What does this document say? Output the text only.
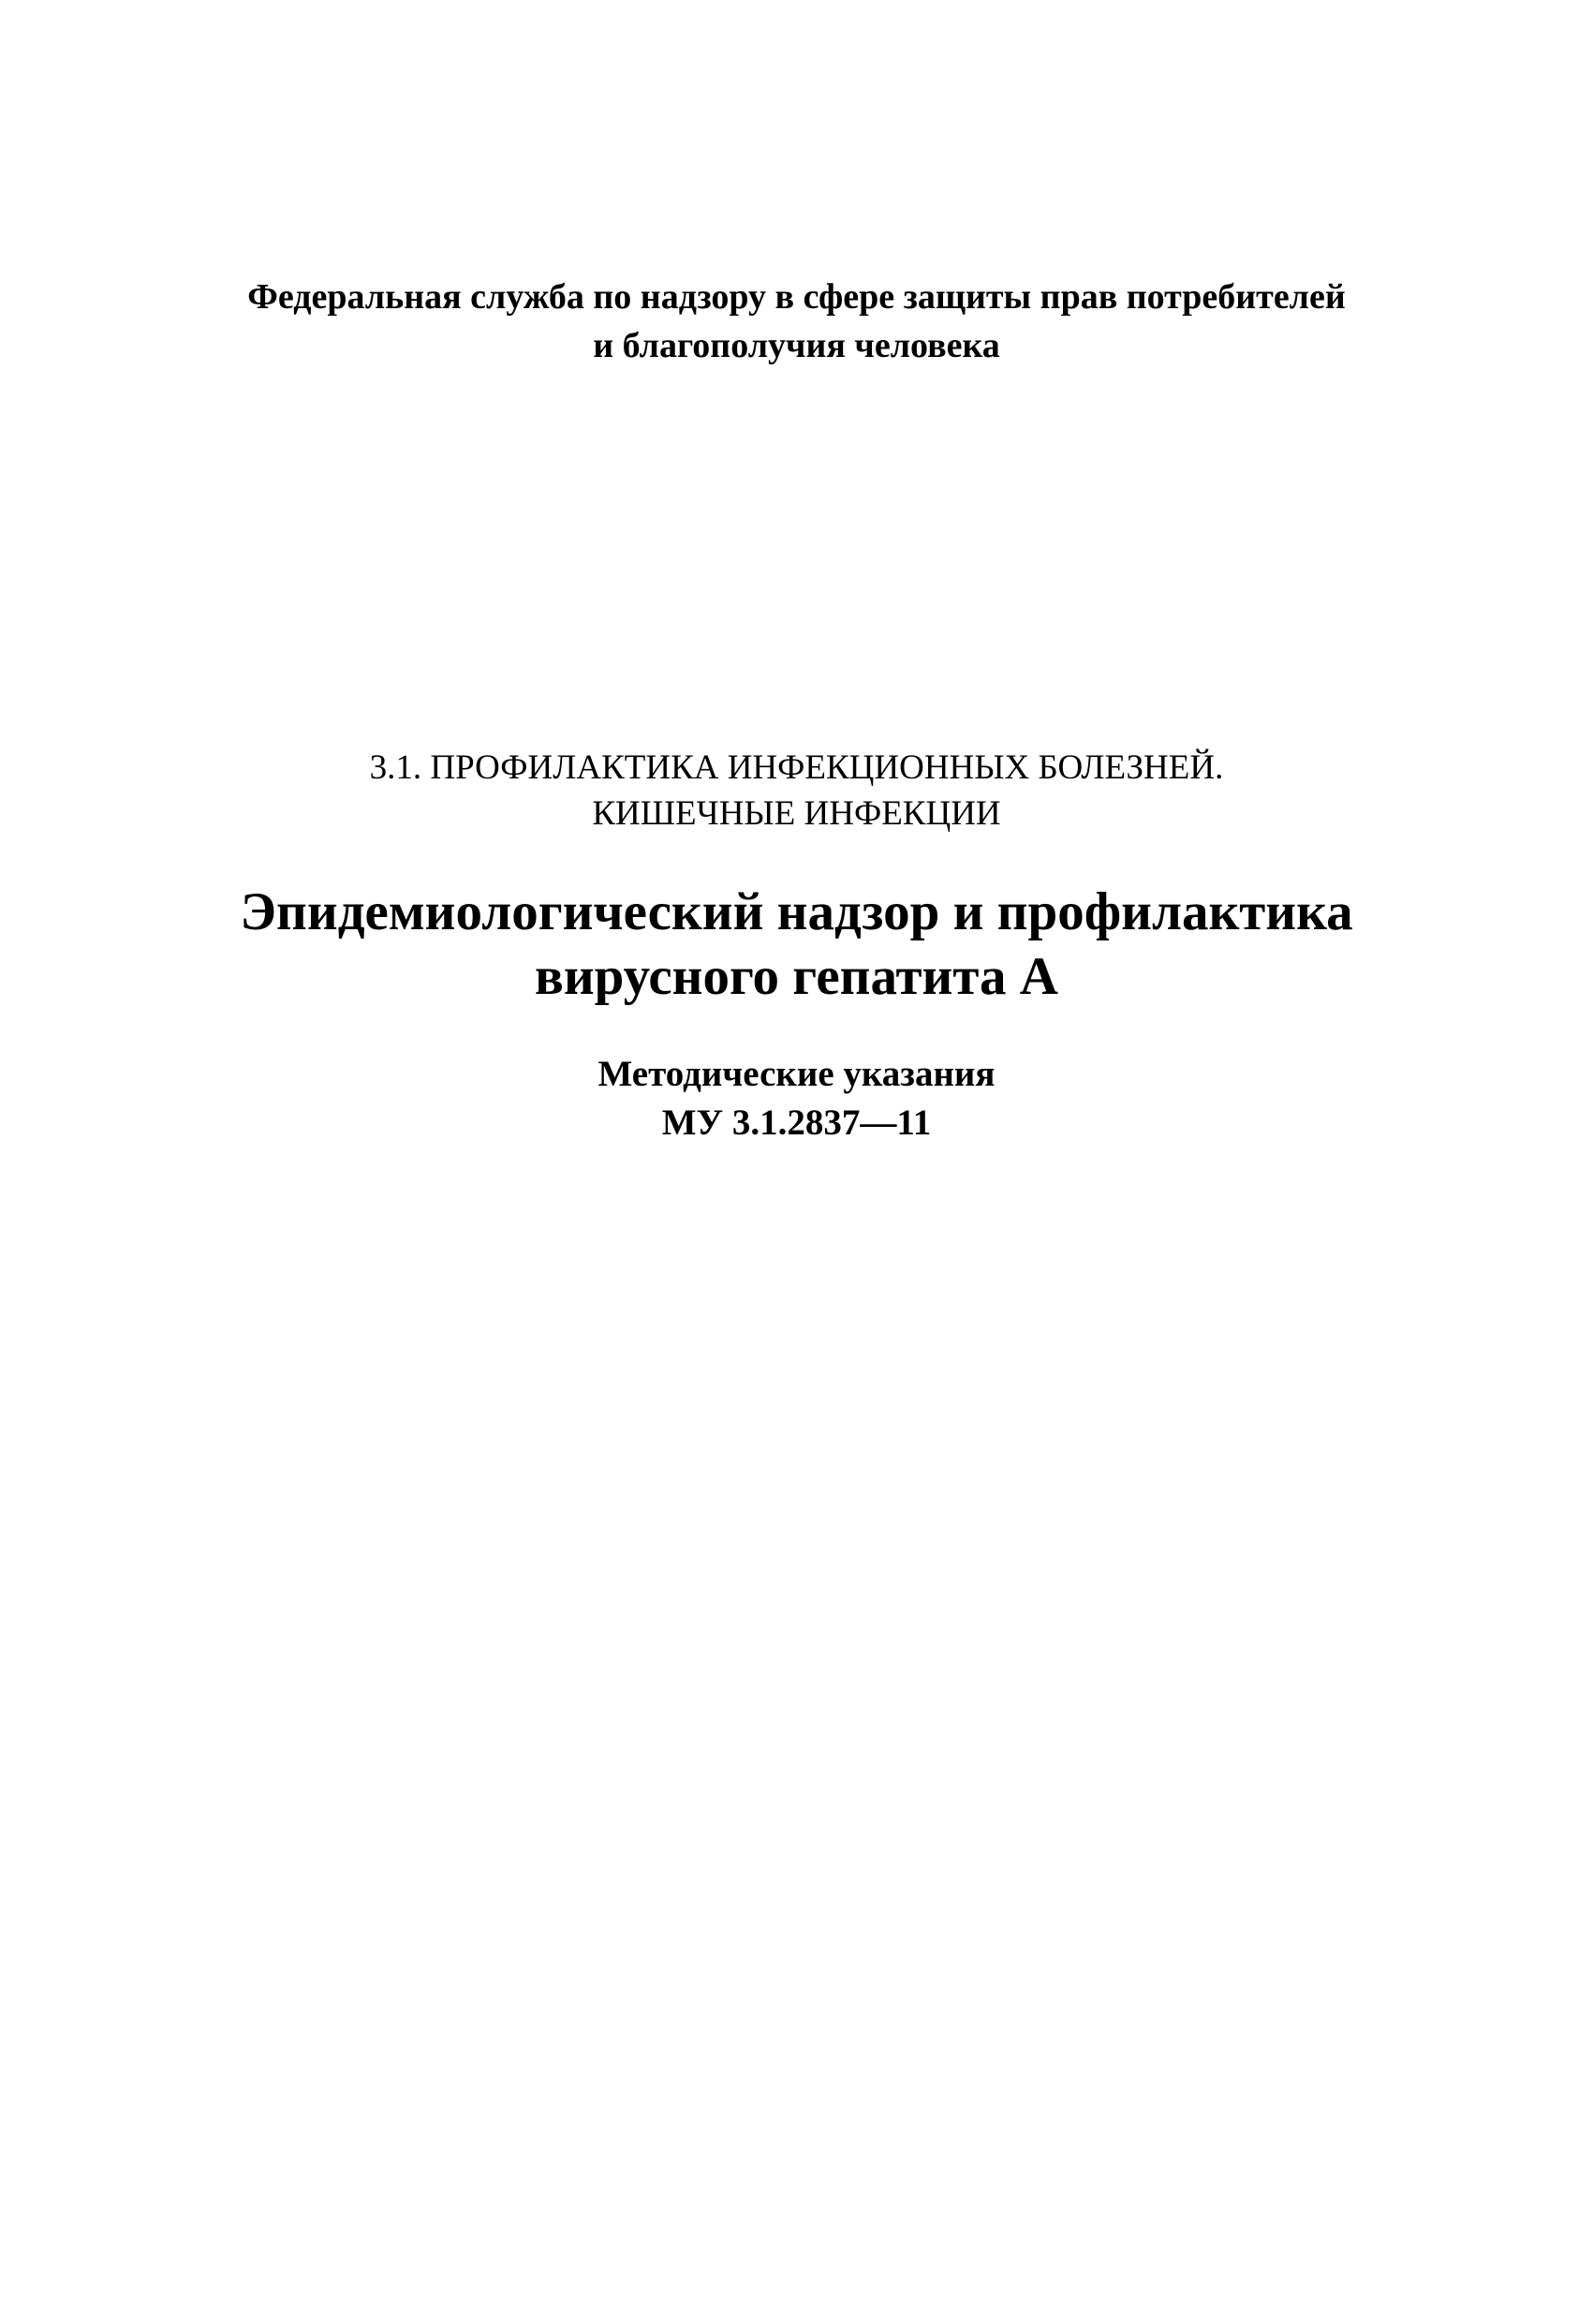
Федеральная служба по надзору в сфере защиты прав потребителей
и благополучия человека
3.1. ПРОФИЛАКТИКА ИНФЕКЦИОННЫХ БОЛЕЗНЕЙ.
КИШЕЧНЫЕ ИНФЕКЦИИ
Эпидемиологический надзор и профилактика
вирусного гепатита А
Методические указания
МУ 3.1.2837—11
